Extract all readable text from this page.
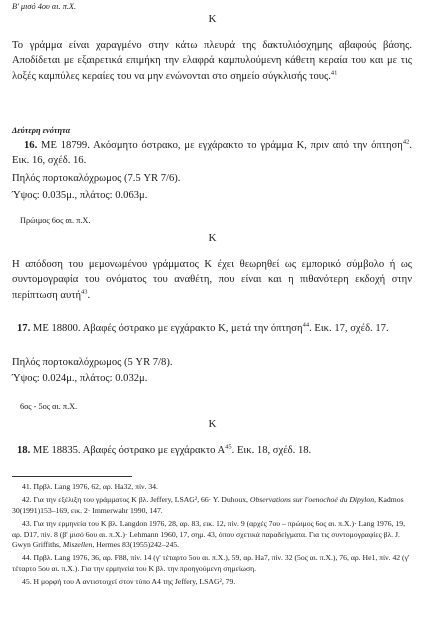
Β' μισό 4ου αι. π.Χ.
Κ
Το γράμμα είναι χαραγμένο στην κάτω πλευρά της δακτυλιόσχημης αβαφούς βάσης. Αποδίδεται με εξαιρετικά επιμήκη την ελαφρά καμπυλούμενη κάθετη κεραία του και με τις λοξές καμπύλες κεραίες του να μην ενώνονται στο σημείο σύγκλισής τους.$^{41}$
Δεύτερη ενότητα
16. ΜΕ 18799. Ακόσμητο όστρακο, με εγχάρακτο το γράμμα Κ, πριν από την όπτηση$^{42}$. Εικ. 16, σχέδ. 16.
Πηλός πορτοκαλόχρωμος (7.5 YR 7/6).
Ύψος: 0.035μ., πλάτος: 0.063μ.
Πρώιμος 6ος αι. π.Χ.
Κ
Η απόδοση του μεμονωμένου γράμματος Κ έχει θεωρηθεί ως εμπορικό σύμβολο ή ως συντομογραφία του ονόματος του αναθέτη, που είναι και η πιθανότερη εκδοχή στην περίπτωση αυτή$^{43}$.
17. ΜΕ 18800. Αβαφές όστρακο με εγχάρακτο Κ, μετά την όπτηση$^{44}$. Εικ. 17, σχέδ. 17.
Πηλός πορτοκαλόχρωμος (5 YR 7/8).
Ύψος: 0.024μ., πλάτος: 0.032μ.
6ος - 5ος αι. π.Χ.
Κ
18. ΜΕ 18835. Αβαφές όστρακο με εγχάρακτο $A^{45}$. Εικ. 18, σχέδ. 18.
41. Πρβλ. Lang 1976, 62, αρ. Ha32, πίν. 34.
42. Για την εξέλιξη του γράμματος Κ βλ. Jeffery, LSAG², 66· Y. Duhoux, Observations sur l'oenochoé du Dipylon, Kadmos 30(1991)153–169, εικ. 2· Immerwahr 1990, 147.
43. Για την ερμηνεία του Κ βλ. Langdon 1976, 28, αρ. 83, εικ. 12, πίν. 9 (αρχές 7ου – πρώιμος 6ος αι. π.Χ.)· Lang 1976, 19, αρ. D17, πίν. 8 (β' μισό 6ου αι. π.Χ.)· Lehmann 1960, 17, σημ. 43, όπου σχετικά παραδείγματα. Για τις συντομογραφίες βλ. J. Gwyn Griffiths, Miszellen, Hermes 83(1955)242–245.
44. Πρβλ. Lang 1976, 36, αρ. F88, πίν. 14 (γ' τέταρτο 5ου αι. π.Χ.), 59, αρ. Ha7, πίν. 32 (5ος αι. π.Χ.), 76, αρ. He1, πίν. 42 (γ' τέταρτο 5ου αι. π.Χ.). Για την ερμηνεία του Κ βλ. την προηγούμενη σημείωση.
45. Η μορφή του Α αντιστοιχεί στον τύπο Α4 της Jeffery, LSAG², 79.
